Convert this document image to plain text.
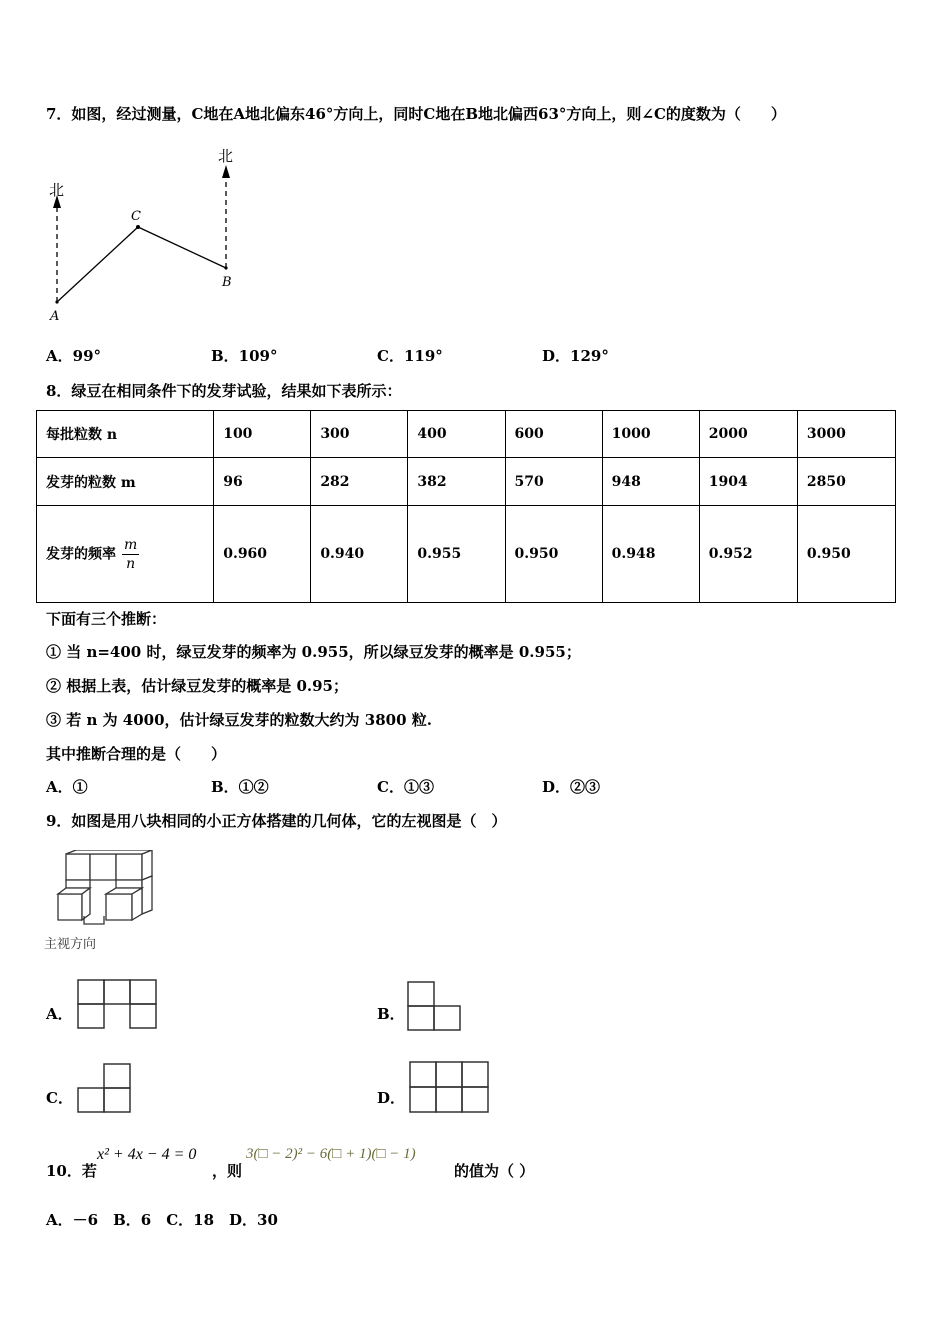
7．如图，经过测量，C地在A地北偏东46°方向上，同时C地在B地北偏西63°方向上，则∠C的度数为（　　）
北
北
A
B
C
A．99°	B．109°	C．119°	D．129°
8．绿豆在相同条件下的发芽试验，结果如下表所示：
每批粒数 n	100	300	400	600	1000	2000	3000
发芽的粒数 m	96	282	382	570	948	1904	2850
发芽的频率 $\frac{m}{n}$	0.960	0.940	0.955	0.950	0.948	0.952	0.950
下面有三个推断：
① 当 n=400 时，绿豆发芽的频率为 0.955，所以绿豆发芽的概率是 0.955；
② 根据上表，估计绿豆发芽的概率是 0.95；
③ 若 n 为 4000，估计绿豆发芽的粒数大约为 3800 粒.
其中推断合理的是（　　）
A．①	B．①②	C．①③	D．②③
9．如图是用八块相同的小正方体搭建的几何体，它的左视图是（　）
主视方向
A．	B．
C．	D．
10．若
x² + 4x − 4 = 0
，则
3(□ − 2)² − 6(□ + 1)(□ − 1)
的值为（ ）
A．－6　B．6　C．18　D．30
